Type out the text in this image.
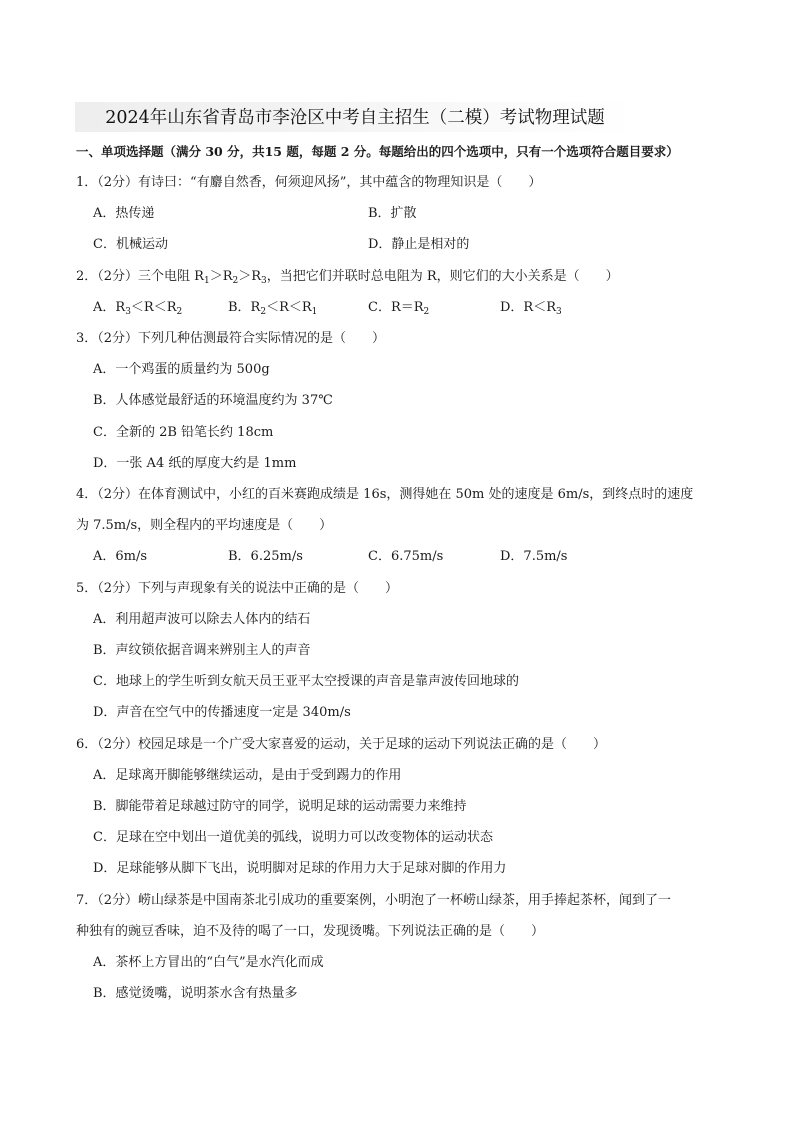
2024年山东省青岛市李沧区中考自主招生（二模）考试物理试题
一、单项选择题（满分 30 分，共15 题，每题 2 分。每题给出的四个选项中，只有一个选项符合题目要求）
1．（2分）有诗曰：“有麝自然香，何须迎风扬”，其中蕴含的物理知识是（　　）
A．热传递	B．扩散
C．机械运动	D．静止是相对的
2．（2分）三个电阻 $R_1>R_2>R_3$，当把它们并联时总电阻为 R，则它们的大小关系是（　　）
A．$R_3<R<R_2$	B．$R_2<R<R_1$	C．$R=R_2$	D．$R<R_3$
3．（2分）下列几种估测最符合实际情况的是（　　）
A．一个鸡蛋的质量约为 500g
B．人体感觉最舒适的环境温度约为 37℃
C．全新的 2B 铅笔长约 18cm
D．一张 A4 纸的厚度大约是 1mm
4．（2分）在体育测试中，小红的百米赛跑成绩是 16s，测得她在 50m 处的速度是 6m/s，到终点时的速度
为 7.5m/s，则全程内的平均速度是（　　）
A．6m/s	B．6.25m/s	C．6.75m/s	D．7.5m/s
5．（2分）下列与声现象有关的说法中正确的是（　　）
A．利用超声波可以除去人体内的结石
B．声纹锁依据音调来辨别主人的声音
C．地球上的学生听到女航天员王亚平太空授课的声音是靠声波传回地球的
D．声音在空气中的传播速度一定是 340m/s
6．（2分）校园足球是一个广受大家喜爱的运动，关于足球的运动下列说法正确的是（　　）
A．足球离开脚能够继续运动，是由于受到踢力的作用
B．脚能带着足球越过防守的同学，说明足球的运动需要力来维持
C．足球在空中划出一道优美的弧线，说明力可以改变物体的运动状态
D．足球能够从脚下飞出，说明脚对足球的作用力大于足球对脚的作用力
7．（2分）崂山绿茶是中国南茶北引成功的重要案例，小明泡了一杯崂山绿茶，用手捧起茶杯，闻到了一
种独有的豌豆香味，迫不及待的喝了一口，发现烫嘴。下列说法正确的是（　　）
A．茶杯上方冒出的“白气”是水汽化而成
B．感觉烫嘴，说明茶水含有热量多
